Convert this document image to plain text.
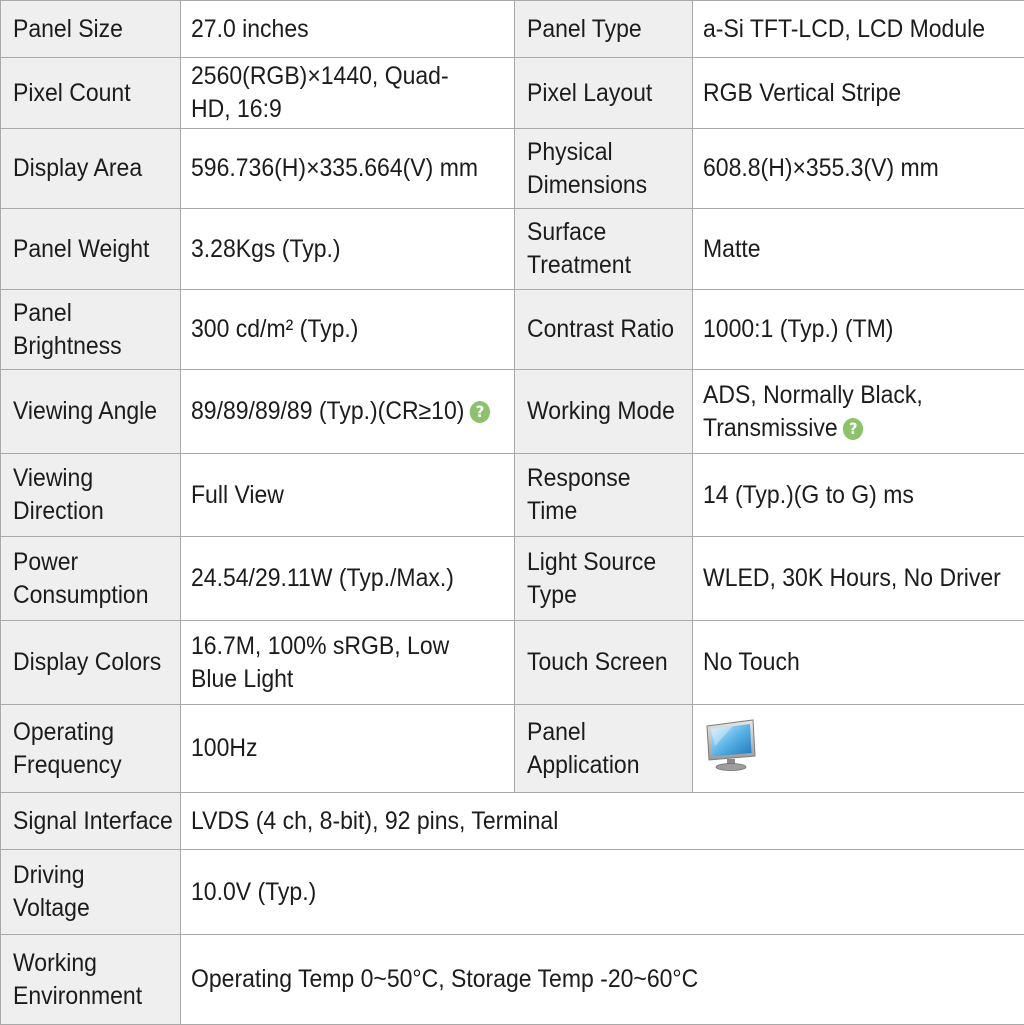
Panel Size	27.0 inches	Panel Type	a-Si TFT-LCD, LCD Module
Pixel Count	2560(RGB)×1440, Quad-HD, 16:9	Pixel Layout	RGB Vertical Stripe
Display Area	596.736(H)×335.664(V) mm	Physical Dimensions	608.8(H)×355.3(V) mm
Panel Weight	3.28Kgs (Typ.)	Surface Treatment	Matte
Panel Brightness	300 cd/m² (Typ.)	Contrast Ratio	1000:1 (Typ.) (TM)
Viewing Angle	89/89/89/89 (Typ.)(CR≥10) ?	Working Mode	ADS, Normally Black, Transmissive ?
Viewing Direction	Full View	Response Time	14 (Typ.)(G to G) ms
Power Consumption	24.54/29.11W (Typ./Max.)	Light Source Type	WLED, 30K Hours, No Driver
Display Colors	16.7M, 100% sRGB, Low Blue Light	Touch Screen	No Touch
Operating Frequency	100Hz	Panel Application	
Signal Interface	LVDS (4 ch, 8-bit), 92 pins, Terminal		
Driving Voltage	10.0V (Typ.)		
Working Environment	Operating Temp 0~50°C, Storage Temp -20~60°C		
